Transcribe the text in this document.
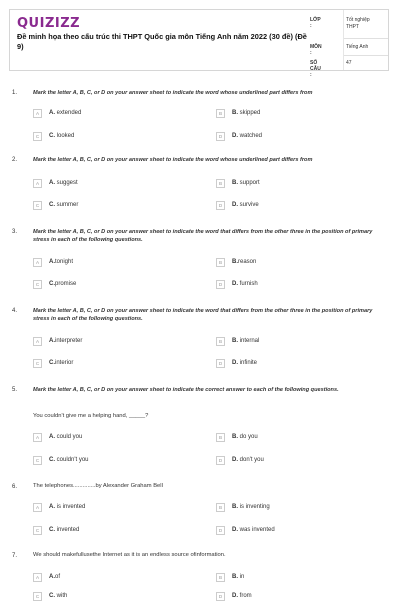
QUIZIZZ
Đề minh họa theo cấu trúc thi THPT Quốc gia môn Tiếng Anh năm 2022 (30 đề) (Đề 9)
LỚP :
Tốt nghiệp THPT
MÔN :
Tiếng Anh
SỐ CÂU :
47
1.	Mark the letter A, B, C, or D on your answer sheet to indicate the word whose underlined part differs from
A	A. extended	B	B. skipped
C	C. looked	D	D. watched
2.	Mark the letter A, B, C, or D on your answer sheet to indicate the word whose underlined part differs from
A	A. suggest	B	B. support
C	C. summer	D	D. survive
3.	Mark the letter A, B, C, or D on your answer sheet to indicate the word that differs from the other three in the position of primary stress in each of the following questions.
A	A.tonight	B	B.reason
C	C.promise	D	D. furnish
4.	Mark the letter A, B, C, or D on your answer sheet to indicate the word that differs from the other three in the position of primary stress in each of the following questions.
A	A.interpreter	B	B. internal
C	C.interior	D	D. infinite
5.	Mark the letter A, B, C, or D on your answer sheet to indicate the correct answer to each of the following questions.
You couldn't give me a helping hand, _____?
A	A. could you	B	B. do you
C	C. couldn't you	D	D. don't you
6.	The telephones..............by Alexander Graham Bell
A	A. is invented	B	B. is inventing
C	C. invented	D	D. was invented
7.	We should makefullusethe Internet as it is an endless source ofinformation.
A	A.of	B	B. in
C	C. with	D	D. from
